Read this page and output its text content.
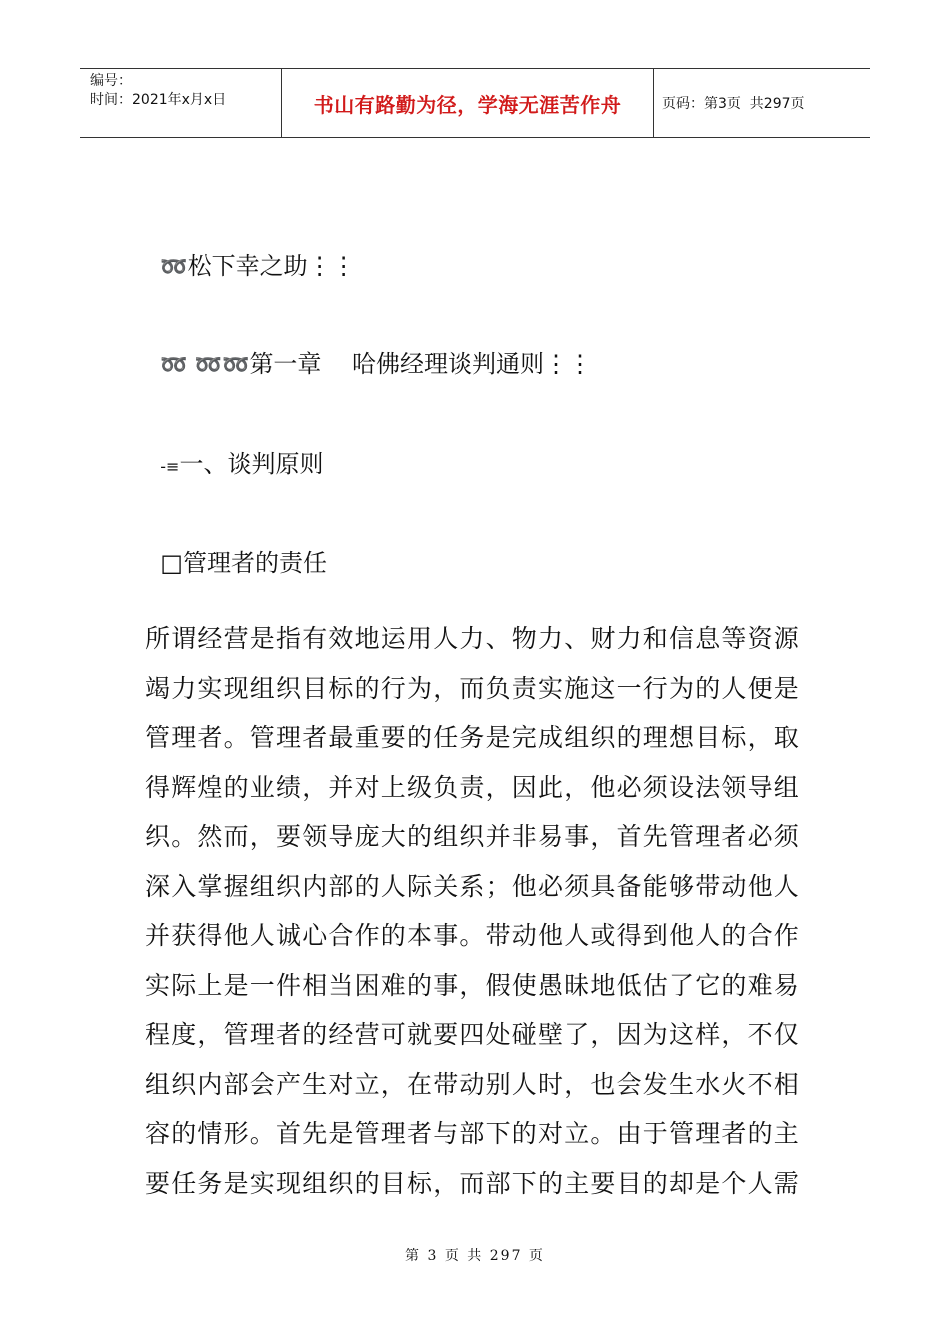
编号：
时间：2021年x月x日	书山有路勤为径，学海无涯苦作舟	页码：第3页  共297页

➿松下幸之助⋮⋮

➿ ➿➿第一章    哈佛经理谈判通则⋮⋮

-≡一、谈判原则

□管理者的责任

所谓经营是指有效地运用人力、物力、财力和信息等资源
竭力实现组织目标的行为，而负责实施这一行为的人便是
管理者。管理者最重要的任务是完成组织的理想目标，取
得辉煌的业绩，并对上级负责，因此，他必须设法领导组
织。然而，要领导庞大的组织并非易事，首先管理者必须
深入掌握组织内部的人际关系；他必须具备能够带动他人
并获得他人诚心合作的本事。带动他人或得到他人的合作
实际上是一件相当困难的事，假使愚昧地低估了它的难易
程度，管理者的经营可就要四处碰壁了，因为这样，不仅
组织内部会产生对立，在带动别人时，也会发生水火不相
容的情形。首先是管理者与部下的对立。由于管理者的主
要任务是实现组织的目标，而部下的主要目的却是个人需
第 3 页 共 297 页
